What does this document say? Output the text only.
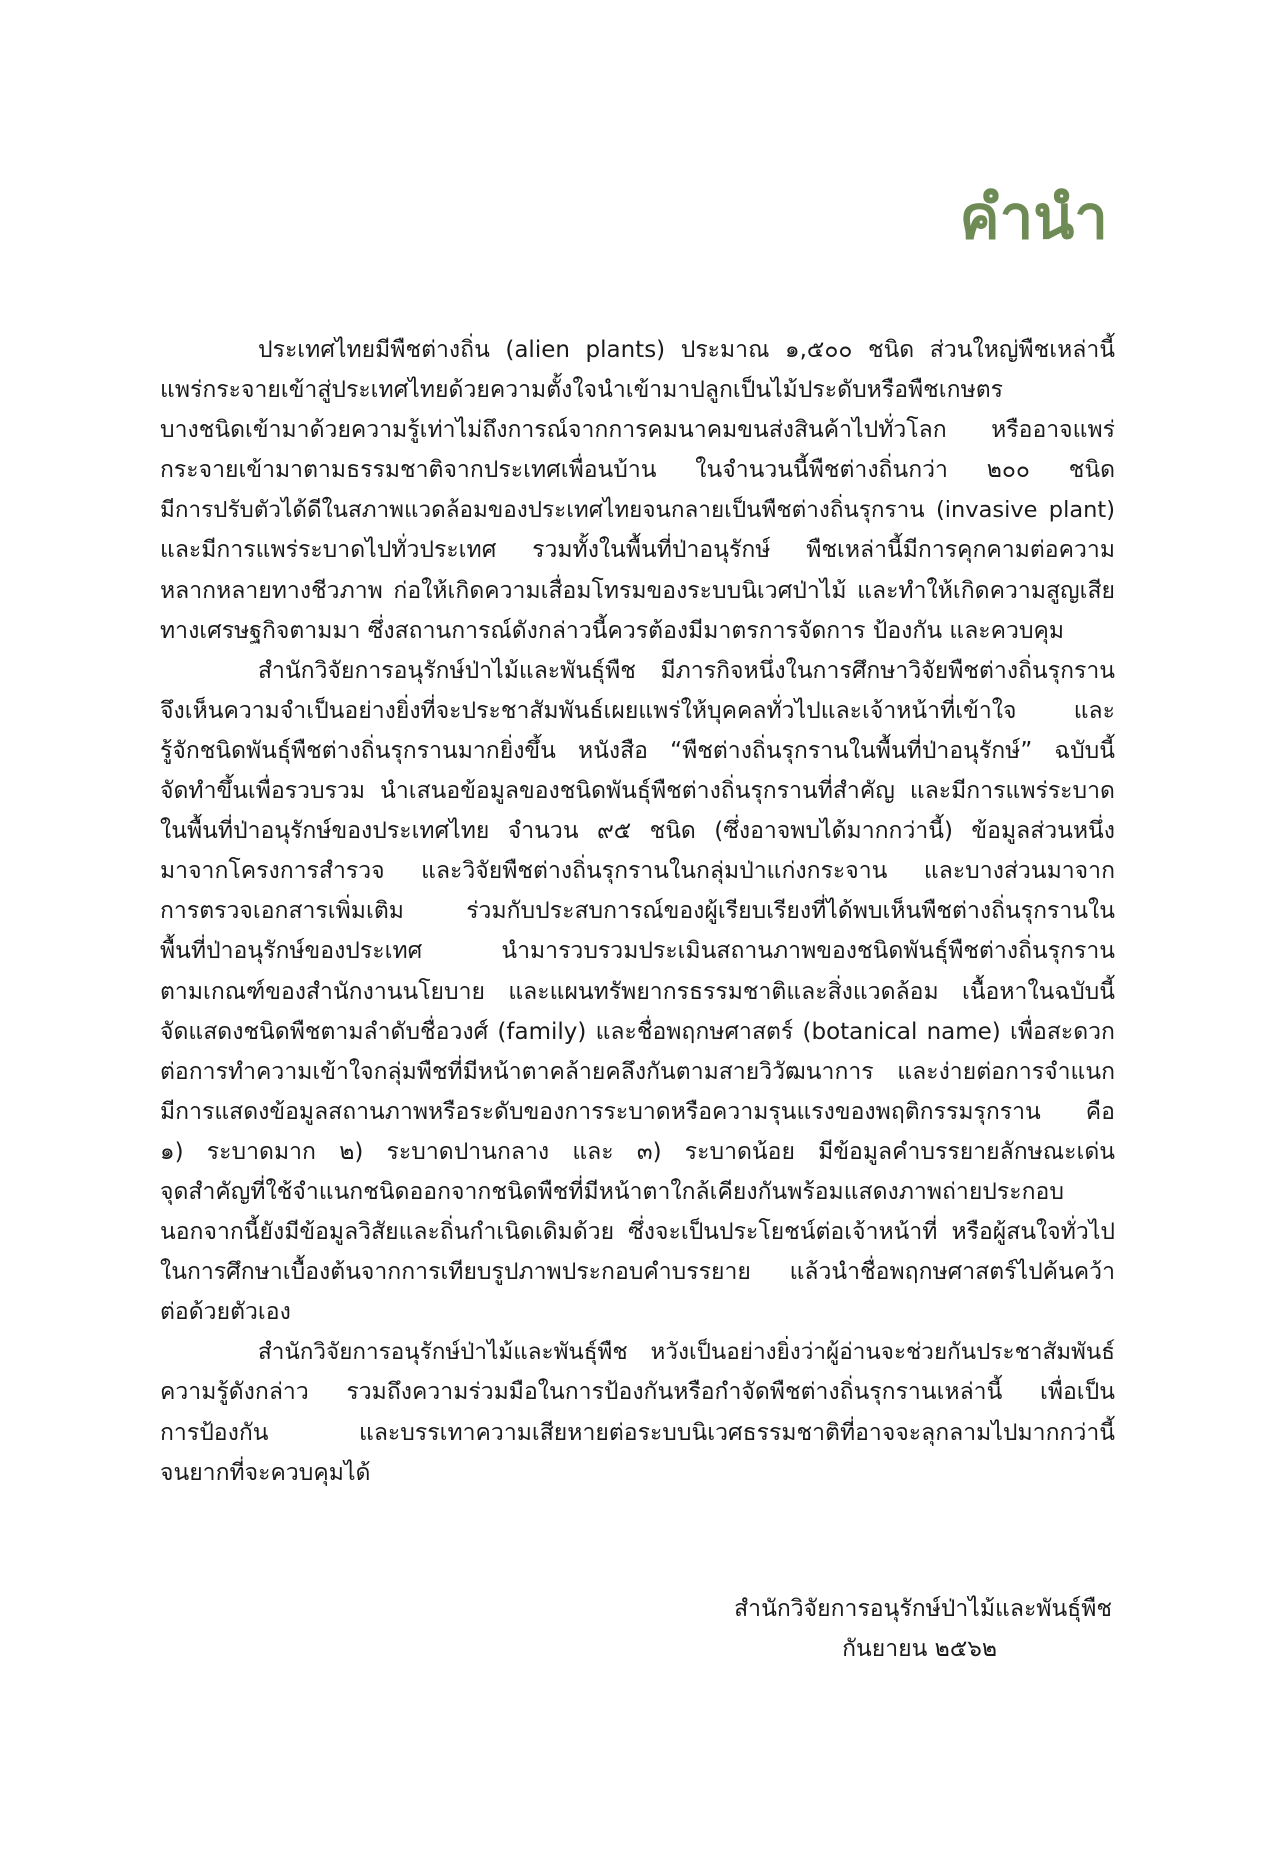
คำนำ
ประเทศไทยมีพืชต่างถิ่น (alien plants) ประมาณ ๑,๕๐๐ ชนิด ส่วนใหญ่พืชเหล่านี้
แพร่กระจายเข้าสู่ประเทศไทยด้วยความตั้งใจนำเข้ามาปลูกเป็นไม้ประดับหรือพืชเกษตร
บางชนิดเข้ามาด้วยความรู้เท่าไม่ถึงการณ์จากการคมนาคมขนส่งสินค้าไปทั่วโลก หรืออาจแพร่
กระจายเข้ามาตามธรรมชาติจากประเทศเพื่อนบ้าน ในจำนวนนี้พืชต่างถิ่นกว่า ๒๐๐ ชนิด
มีการปรับตัวได้ดีในสภาพแวดล้อมของประเทศไทยจนกลายเป็นพืชต่างถิ่นรุกราน (invasive plant)
และมีการแพร่ระบาดไปทั่วประเทศ รวมทั้งในพื้นที่ป่าอนุรักษ์ พืชเหล่านี้มีการคุกคามต่อความ
หลากหลายทางชีวภาพ ก่อให้เกิดความเสื่อมโทรมของระบบนิเวศป่าไม้ และทำให้เกิดความสูญเสีย
ทางเศรษฐกิจตามมา ซึ่งสถานการณ์ดังกล่าวนี้ควรต้องมีมาตรการจัดการ ป้องกัน และควบคุม
สำนักวิจัยการอนุรักษ์ป่าไม้และพันธุ์พืช มีภารกิจหนึ่งในการศึกษาวิจัยพืชต่างถิ่นรุกราน
จึงเห็นความจำเป็นอย่างยิ่งที่จะประชาสัมพันธ์เผยแพร่ให้บุคคลทั่วไปและเจ้าหน้าที่เข้าใจ และ
รู้จักชนิดพันธุ์พืชต่างถิ่นรุกรานมากยิ่งขึ้น หนังสือ “พืชต่างถิ่นรุกรานในพื้นที่ป่าอนุรักษ์” ฉบับนี้
จัดทำขึ้นเพื่อรวบรวม นำเสนอข้อมูลของชนิดพันธุ์พืชต่างถิ่นรุกรานที่สำคัญ และมีการแพร่ระบาด
ในพื้นที่ป่าอนุรักษ์ของประเทศไทย จำนวน ๙๕ ชนิด (ซึ่งอาจพบได้มากกว่านี้) ข้อมูลส่วนหนึ่ง
มาจากโครงการสำรวจ และวิจัยพืชต่างถิ่นรุกรานในกลุ่มป่าแก่งกระจาน และบางส่วนมาจาก
การตรวจเอกสารเพิ่มเติม ร่วมกับประสบการณ์ของผู้เรียบเรียงที่ได้พบเห็นพืชต่างถิ่นรุกรานใน
พื้นที่ป่าอนุรักษ์ของประเทศ นำมารวบรวมประเมินสถานภาพของชนิดพันธุ์พืชต่างถิ่นรุกราน
ตามเกณฑ์ของสำนักงานนโยบาย และแผนทรัพยากรธรรมชาติและสิ่งแวดล้อม เนื้อหาในฉบับนี้
จัดแสดงชนิดพืชตามลำดับชื่อวงศ์ (family) และชื่อพฤกษศาสตร์ (botanical name) เพื่อสะดวก
ต่อการทำความเข้าใจกลุ่มพืชที่มีหน้าตาคล้ายคลึงกันตามสายวิวัฒนาการ และง่ายต่อการจำแนก
มีการแสดงข้อมูลสถานภาพหรือระดับของการระบาดหรือความรุนแรงของพฤติกรรมรุกราน คือ
๑) ระบาดมาก ๒) ระบาดปานกลาง และ ๓) ระบาดน้อย มีข้อมูลคำบรรยายลักษณะเด่น
จุดสำคัญที่ใช้จำแนกชนิดออกจากชนิดพืชที่มีหน้าตาใกล้เคียงกันพร้อมแสดงภาพถ่ายประกอบ
นอกจากนี้ยังมีข้อมูลวิสัยและถิ่นกำเนิดเดิมด้วย ซึ่งจะเป็นประโยชน์ต่อเจ้าหน้าที่ หรือผู้สนใจทั่วไป
ในการศึกษาเบื้องต้นจากการเทียบรูปภาพประกอบคำบรรยาย แล้วนำชื่อพฤกษศาสตร์ไปค้นคว้า
ต่อด้วยตัวเอง
สำนักวิจัยการอนุรักษ์ป่าไม้และพันธุ์พืช หวังเป็นอย่างยิ่งว่าผู้อ่านจะช่วยกันประชาสัมพันธ์
ความรู้ดังกล่าว รวมถึงความร่วมมือในการป้องกันหรือกำจัดพืชต่างถิ่นรุกรานเหล่านี้ เพื่อเป็น
การป้องกัน และบรรเทาความเสียหายต่อระบบนิเวศธรรมชาติที่อาจจะลุกลามไปมากกว่านี้
จนยากที่จะควบคุมได้
สำนักวิจัยการอนุรักษ์ป่าไม้และพันธุ์พืช
กันยายน ๒๕๖๒
